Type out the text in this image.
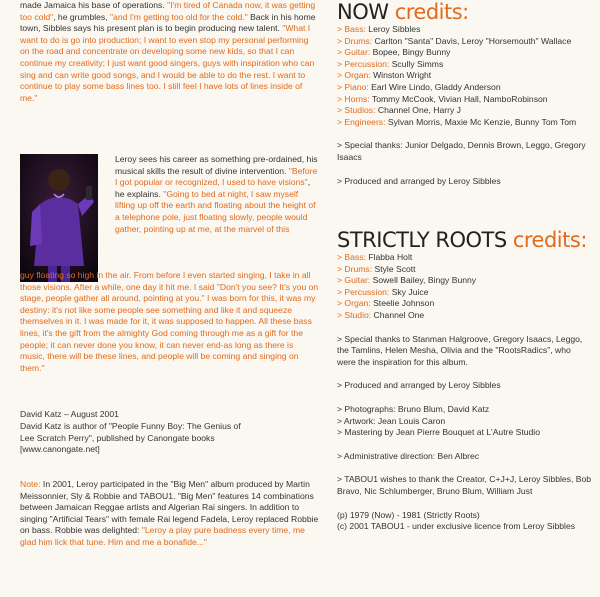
made Jamaica his base of operations. "I'm tired of Canada now, it was getting too cold", he grumbles, "and I'm getting too old for the cold." Back in his home town, Sibbles says his present plan is to begin producing new talent. "What I want to do is go into production; I want to even stop my personal performing on the road and concentrate on developing some new kids, so that I can continue my creativity; I just want good singers, guys with inspiration who can sing and can write good songs, and I would be able to do the rest. I want to continue to play some bass lines too. I still feel I have lots of lines inside of me."

Leroy sees his career as something pre-ordained, his musical skills the result of divine intervention. "Before I got popular or recognized, I used to have visions", he explains. "Going to bed at night, I saw myself lifting up off the earth and floating about the height of a telephone pole, just floating slowly, people would gather, pointing up at me, at the marvel of this

guy floating so high in the air. From before I even started singing, I take in all those visions. After a while, one day it hit me. I said "Don't you see? It's you on stage, people gather all around, pointing at you." I was born for this, it was my destiny: it's not like some people see something and like it and squeeze themselves in it. I was made for it, it was supposed to happen. All these bass lines, it's the gift from the almighty God coming through me as a gift for the people; it can never done you know, it can never end-as long as there is music, there will be these lines, and people will be coming and singing on them."

David Katz – August 2001

David Katz is author of "People Funny Boy: The Genius of Lee Scratch Perry", published by Canongate books

[www.canongate.net]

Note: In 2001, Leroy participated in the "Big Men" album produced by Martin Meissonnier, Sly & Robbie and TABOU1. "Big Men" features 14 combinations between Jamaican Reggae artists and Algerian Rai singers. In addition to singing "Artificial Tears" with female Rai legend Fadela, Leroy replaced Robbie on bass. Robbie was delighted: "Leroy a play pure badness every time, me glad him lick that tune. Him and me a bonafide..."

NOW credits:
> Bass: Leroy Sibbles
> Drums: Carlton "Santa" Davis, Leroy "Horsemouth" Wallace
> Guitar: Bopee, Bingy Bunny
> Percussion: Scully Simms
> Organ: Winston Wright
> Piano: Earl Wire Lindo, Gladdy Anderson
> Horns: Tommy McCook, Vivian Hall, NamboRobinson
> Studios: Channel One, Harry J
> Engineers: Sylvan Morris, Maxie Mc Kenzie, Bunny Tom Tom

> Special thanks: Junior Delgado, Dennis Brown, Leggo, Gregory
Isaacs

> Produced and arranged by Leroy Sibbles

STRICTLY ROOTS credits:
> Bass: Flabba Holt
> Drums: Style Scott
> Guitar: Sowell Bailey, Bingy Bunny
> Percussion: Sky Juice
> Organ: Steelie Johnson
> Studio: Channel One

> Special thanks to Stanman Halgroove, Gregory Isaacs, Leggo,
the Tamlins, Helen Mesha, Olivia and the "RootsRadics", who
were the inspiration for this album.

> Produced and arranged by Leroy Sibbles

> Photographs: Bruno Blum, David Katz

> Artwork: Jean Louis Caron

> Mastering by Jean Pierre Bouquet at L'Autre Studio

> Administrative direction: Ben Albrec

> TABOU1 wishes to thank the Creator, C+J+J, Leroy Sibbles, Bob
Bravo, Nic Schlumberger, Bruno Blum, William Just

(p) 1979 (Now) - 1981 (Strictly Roots)

(c) 2001 TABOU1 - under exclusive licence from Leroy Sibbles
